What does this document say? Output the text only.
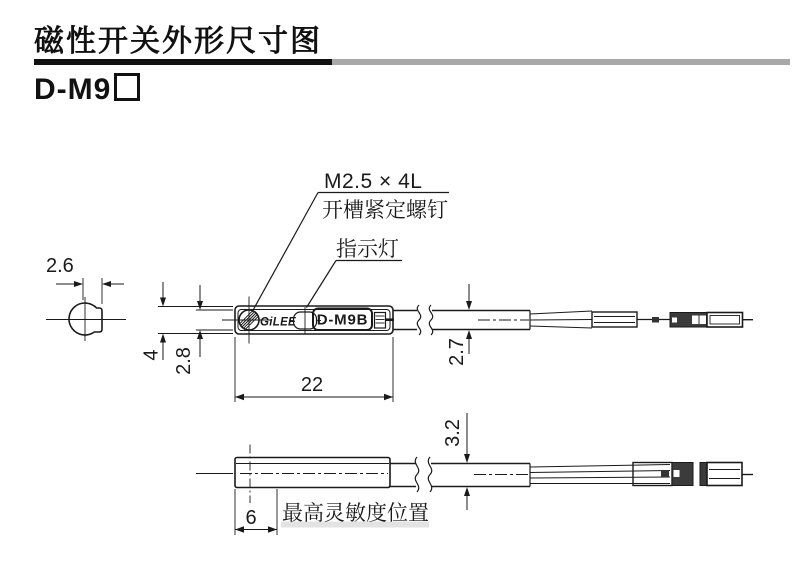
磁性开关外形尺寸图
D-M9
2.6
GiLEE D-M9B
4 2.8	2.7
22
M2.5 × 4L
开槽紧定螺钉
指示灯
3.2
6 最高灵敏度位置
